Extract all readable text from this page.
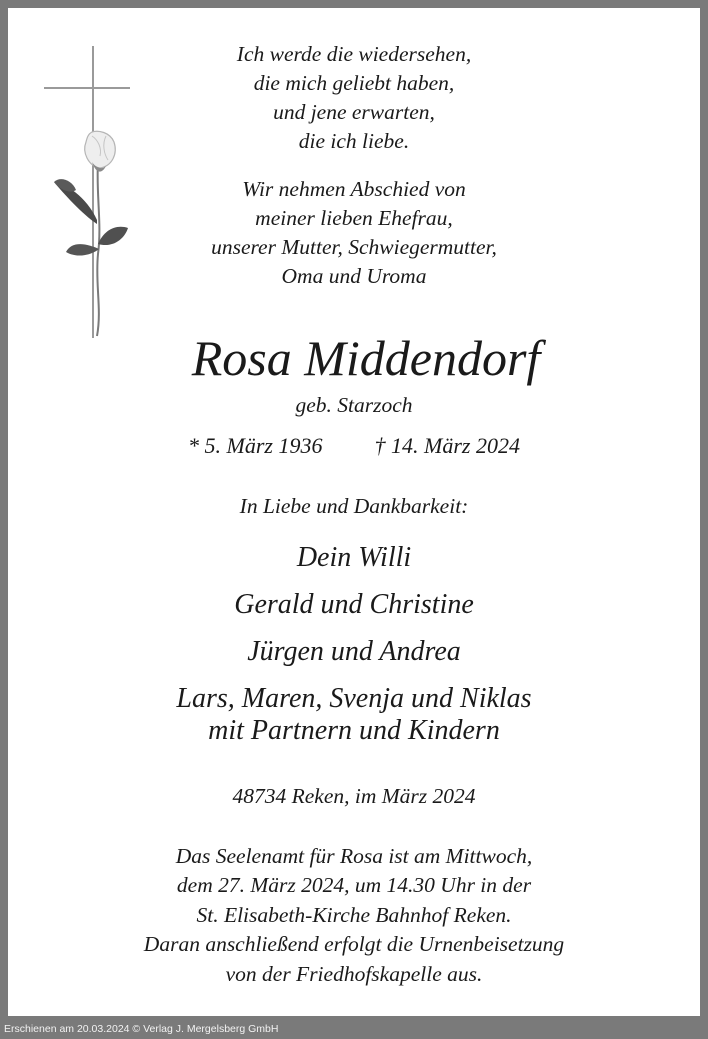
Ich werde die wiedersehen,
die mich geliebt haben,
und jene erwarten,
die ich liebe.
Wir nehmen Abschied von
meiner lieben Ehefrau,
unserer Mutter, Schwiegermutter,
Oma und Uroma
Rosa Middendorf
geb. Starzoch
* 5. März 1936 † 14. März 2024
In Liebe und Dankbarkeit:
Dein Willi
Gerald und Christine
Jürgen und Andrea
Lars, Maren, Svenja und Niklas
mit Partnern und Kindern
48734 Reken, im März 2024
Das Seelenamt für Rosa ist am Mittwoch,
dem 27. März 2024, um 14.30 Uhr in der
St. Elisabeth-Kirche Bahnhof Reken.
Daran anschließend erfolgt die Urnenbeisetzung
von der Friedhofskapelle aus.
Erschienen am 20.03.2024 © Verlag J. Mergelsberg GmbH
